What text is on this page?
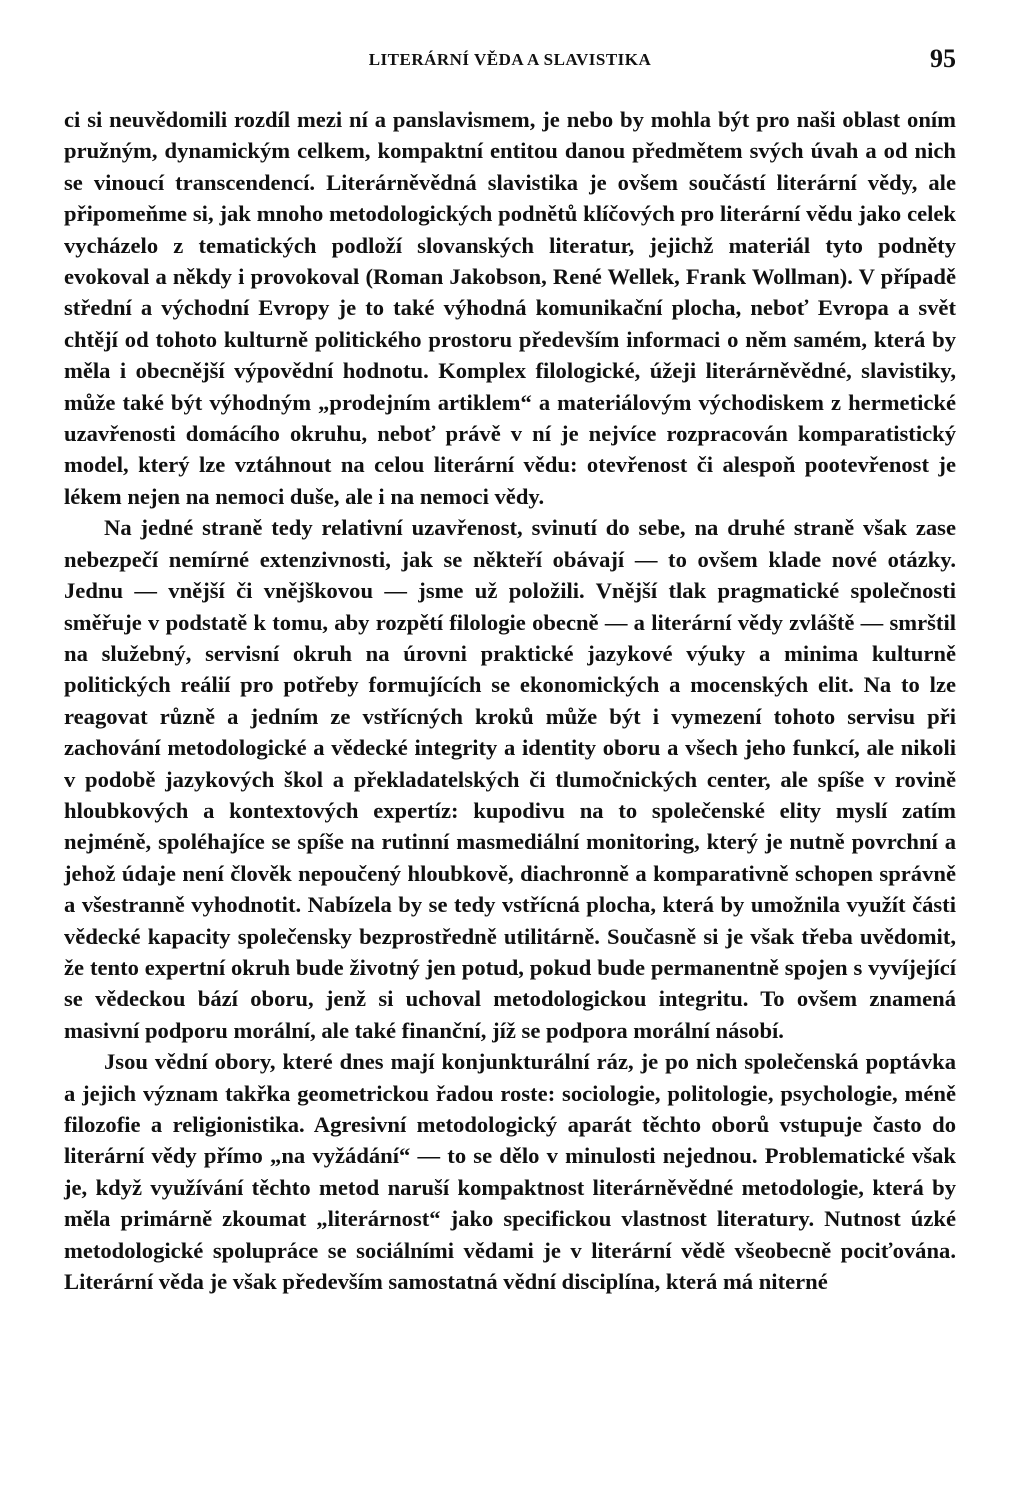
LITERÁRNÍ VĚDA A SLAVISTIKA	95

ci si neuvědomili rozdíl mezi ní a panslavismem, je nebo by mohla být pro naši oblast oním pružným, dynamickým celkem, kompaktní entitou danou předmětem svých úvah a od nich se vinoucí transcendencí. Literárněvědná slavistika je ovšem součástí literární vědy, ale připomeňme si, jak mnoho metodologických podnětů klíčových pro literární vědu jako celek vycházelo z tematických podloží slovanských literatur, jejichž materiál tyto podněty evokoval a někdy i provokoval (Roman Jakobson, René Wellek, Frank Wollman). V případě střední a východní Evropy je to také výhodná komunikační plocha, neboť Evropa a svět chtějí od tohoto kulturně politického prostoru především informaci o něm samém, která by měla i obecnější výpovědní hodnotu. Komplex filologické, úžeji literárněvědné, slavistiky, může také být výhodným „prodejním artiklem“ a materiálovým východiskem z hermetické uzavřenosti domácího okruhu, neboť právě v ní je nejvíce rozpracován komparatistický model, který lze vztáhnout na celou literární vědu: otevřenost či alespoň pootevřenost je lékem nejen na nemoci duše, ale i na nemoci vědy.

Na jedné straně tedy relativní uzavřenost, svinutí do sebe, na druhé straně však zase nebezpečí nemírné extenzivnosti, jak se někteří obávají — to ovšem klade nové otázky. Jednu — vnější či vnějškovou — jsme už položili. Vnější tlak pragmatické společnosti směřuje v podstatě k tomu, aby rozpětí filologie obecně — a literární vědy zvláště — smrštil na služebný, servisní okruh na úrovni praktické jazykové výuky a minima kulturně politických reálií pro potřeby formujících se ekonomických a mocenských elit. Na to lze reagovat různě a jedním ze vstřícných kroků může být i vymezení tohoto servisu při zachování metodologické a vědecké integrity a identity oboru a všech jeho funkcí, ale nikoli v podobě jazykových škol a překladatelských či tlumočnických center, ale spíše v rovině hloubkových a kontextových expertíz: kupodivu na to společenské elity myslí zatím nejméně, spoléhajíce se spíše na rutinní masmediální monitoring, který je nutně povrchní a jehož údaje není člověk nepoučený hloubkově, diachronně a komparativně schopen správně a všestranně vyhodnotit. Nabízela by se tedy vstřícná plocha, která by umožnila využít části vědecké kapacity společensky bezprostředně utilitárně. Současně si je však třeba uvědomit, že tento expertní okruh bude životný jen potud, pokud bude permanentně spojen s vyvíjející se vědeckou bází oboru, jenž si uchoval metodologickou integritu. To ovšem znamená masivní podporu morální, ale také finanční, jíž se podpora morální násobí.

Jsou vědní obory, které dnes mají konjunkturální ráz, je po nich společenská poptávka a jejich význam takřka geometrickou řadou roste: sociologie, politologie, psychologie, méně filozofie a religionistika. Agresivní metodologický aparát těchto oborů vstupuje často do literární vědy přímo „na vyžádání“ — to se dělo v minulosti nejednou. Problematické však je, když využívání těchto metod naruší kompaktnost literárněvědné metodologie, která by měla primárně zkoumat „literárnost“ jako specifickou vlastnost literatury. Nutnost úzké metodologické spolupráce se sociálními vědami je v literární vědě všeobecně pociťována. Literární věda je však především samostatná vědní disciplína, která má niterné
